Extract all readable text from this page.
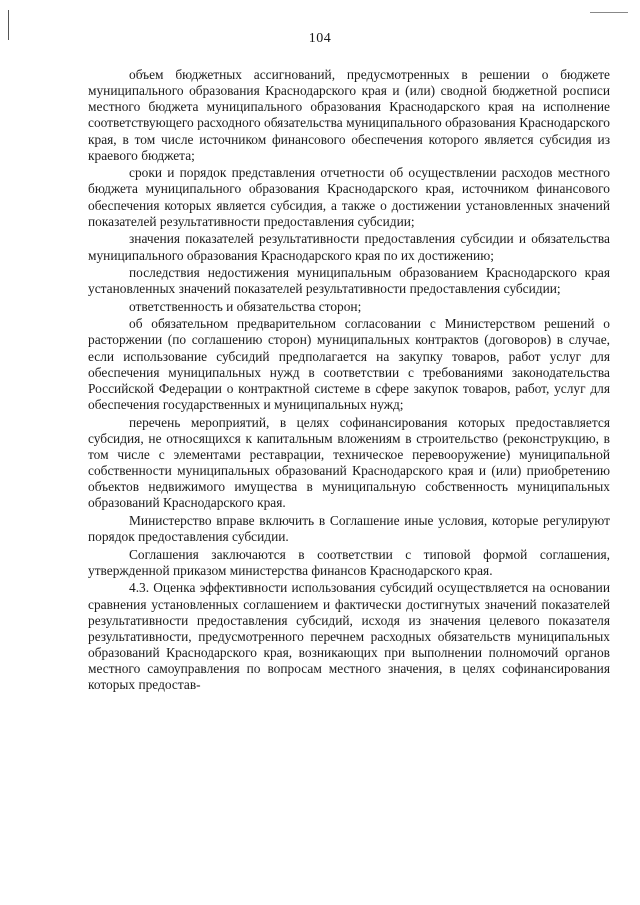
104

объем бюджетных ассигнований, предусмотренных в решении о бюджете муниципального образования Краснодарского края и (или) сводной бюджетной росписи местного бюджета муниципального образования Краснодарского края на исполнение соответствующего расходного обязательства муниципального образования Краснодарского края, в том числе источником финансового обеспечения которого является субсидия из краевого бюджета;

сроки и порядок представления отчетности об осуществлении расходов местного бюджета муниципального образования Краснодарского края, источником финансового обеспечения которых является субсидия, а также о достижении установленных значений показателей результативности предоставления субсидии;

значения показателей результативности предоставления субсидии и обязательства муниципального образования Краснодарского края по их достижению;

последствия недостижения муниципальным образованием Краснодарского края установленных значений показателей результативности предоставления субсидии;

ответственность и обязательства сторон;

об обязательном предварительном согласовании с Министерством решений о расторжении (по соглашению сторон) муниципальных контрактов (договоров) в случае, если использование субсидий предполагается на закупку товаров, работ услуг для обеспечения муниципальных нужд в соответствии с требованиями законодательства Российской Федерации о контрактной системе в сфере закупок товаров, работ, услуг для обеспечения государственных и муниципальных нужд;

перечень мероприятий, в целях софинансирования которых предоставляется субсидия, не относящихся к капитальным вложениям в строительство (реконструкцию, в том числе с элементами реставрации, техническое перевооружение) муниципальной собственности муниципальных образований Краснодарского края и (или) приобретению объектов недвижимого имущества в муниципальную собственность муниципальных образований Краснодарского края.

Министерство вправе включить в Соглашение иные условия, которые регулируют порядок предоставления субсидии.

Соглашения заключаются в соответствии с типовой формой соглашения, утвержденной приказом министерства финансов Краснодарского края.

4.3. Оценка эффективности использования субсидий осуществляется на основании сравнения установленных соглашением и фактически достигнутых значений показателей результативности предоставления субсидий, исходя из значения целевого показателя результативности, предусмотренного перечнем расходных обязательств муниципальных образований Краснодарского края, возникающих при выполнении полномочий органов местного самоуправления по вопросам местного значения, в целях софинансирования которых предостав-
